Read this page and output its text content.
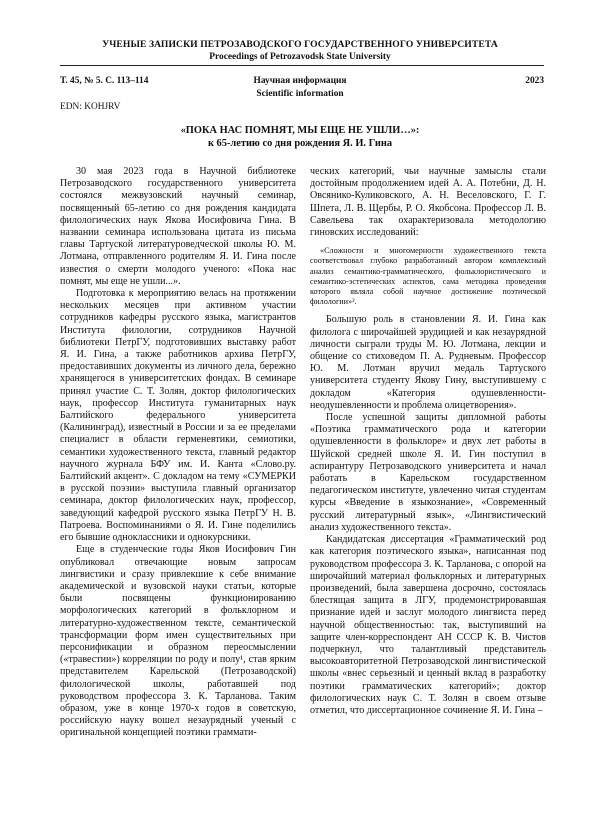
УЧЕНЫЕ ЗАПИСКИ ПЕТРОЗАВОДСКОГО ГОСУДАРСТВЕННОГО УНИВЕРСИТЕТА
Proceedings of Petrozavodsk State University
Т. 45, № 5. С. 113–114	Научная информация
Scientific information
2023
EDN: KOHJRV
«ПОКА НАС ПОМНЯТ, МЫ ЕЩЕ НЕ УШЛИ…»:
к 65-летию со дня рождения Я. И. Гина

30 мая 2023 года в Научной библиотеке Петрозаводского государственного университета состоялся межвузовский научный семинар, посвященный 65-летию со дня рождения кандидата филологических наук Якова Иосифовича Гина. В названии семинара использована цитата из письма главы Тартуской литературоведческой школы Ю. М. Лотмана, отправленного родителям Я. И. Гина после известия о смерти молодого ученого: «Пока нас помнят, мы еще не ушли...».

Подготовка к мероприятию велась на протяжении нескольких месяцев при активном участии сотрудников кафедры русского языка, магистрантов Института филологии, сотрудников Научной библиотеки ПетрГУ, подготовивших выставку работ Я. И. Гина, а также работников архива ПетрГУ, предоставивших документы из личного дела, бережно хранящегося в университетских фондах. В семинаре принял участие С. Т. Золян, доктор филологических наук, профессор Института гуманитарных наук Балтийского федерального университета (Калининград), известный в России и за ее пределами специалист в области герменевтики, семиотики, семантики художественного текста, главный редактор научного журнала БФУ им. И. Канта «Слово.ру. Балтийский акцент». С докладом на тему «СУМЕРКИ в русской поэзии» выступила главный организатор семинара, доктор филологических наук, профессор, заведующий кафедрой русского языка ПетрГУ Н. В. Патроева. Воспоминаниями о Я. И. Гине поделились его бывшие одноклассники и однокурсники.

Еще в студенческие годы Яков Иосифович Гин опубликовал отвечающие новым запросам лингвистики и сразу привлекшие к себе внимание академической и вузовской науки статьи, которые были посвящены функционированию морфологических категорий в фольклорном и литературно-художественном тексте, семантической трансформации форм имен существительных при персонификации и образном переосмыслении («травестии») корреляции по роду и полу¹, став ярким представителем Карельской (Петрозаводской) филологической школы, работавшей под руководством профессора З. К. Тарланова. Таким образом, уже в конце 1970-х годов в советскую, российскую науку вошел незаурядный ученый с оригинальной концепцией поэтики граммати-

ческих категорий, чьи научные замыслы стали достойным продолжением идей А. А. Потебни, Д. Н. Овсянико-Куликовского, А. Н. Веселовского, Г. Г. Шпета, Л. В. Щербы, Р. О. Якобсона. Профессор Л. В. Савельева так охарактеризовала методологию гиновских исследований:

«Сложности и многомерности художественного текста соответствовал глубоко разработанный автором комплексный анализ семантико-грамматического, фольклористического и семантико-эстетических аспектов, сама методика проведения которого являла собой научное достижение поэтической филологии»².

Большую роль в становлении Я. И. Гина как филолога с широчайшей эрудицией и как незаурядной личности сыграли труды М. Ю. Лотмана, лекции и общение со стиховедом П. А. Рудневым. Профессор Ю. М. Лотман вручил медаль Тартуского университета студенту Якову Гину, выступившему с докладом «Категория одушевленности-неодушевленности и проблема олицетворения».

После успешной защиты дипломной работы «Поэтика грамматического рода и категории одушевленности в фольклоре» и двух лет работы в Шуйской средней школе Я. И. Гин поступил в аспирантуру Петрозаводского университета и начал работать в Карельском государственном педагогическом институте, увлеченно читая студентам курсы «Введение в языкознание», «Современный русский литературный язык», «Лингвистический анализ художественного текста».

Кандидатская диссертация «Грамматический род как категория поэтического языка», написанная под руководством профессора З. К. Тарланова, с опорой на широчайший материал фольклорных и литературных произведений, была завершена досрочно, состоялась блестящая защита в ЛГУ, продемонстрировавшая признание идей и заслуг молодого лингвиста перед научной общественностью: так, выступивший на защите член-корреспондент АН СССР К. В. Чистов подчеркнул, что талантливый представитель высокоавторитетной Петрозаводской лингвистической школы «внес серьезный и ценный вклад в разработку поэтики грамматических категорий»; доктор филологических наук С. Т. Золян в своем отзыве отметил, что диссертационное сочинение Я. И. Гина –
